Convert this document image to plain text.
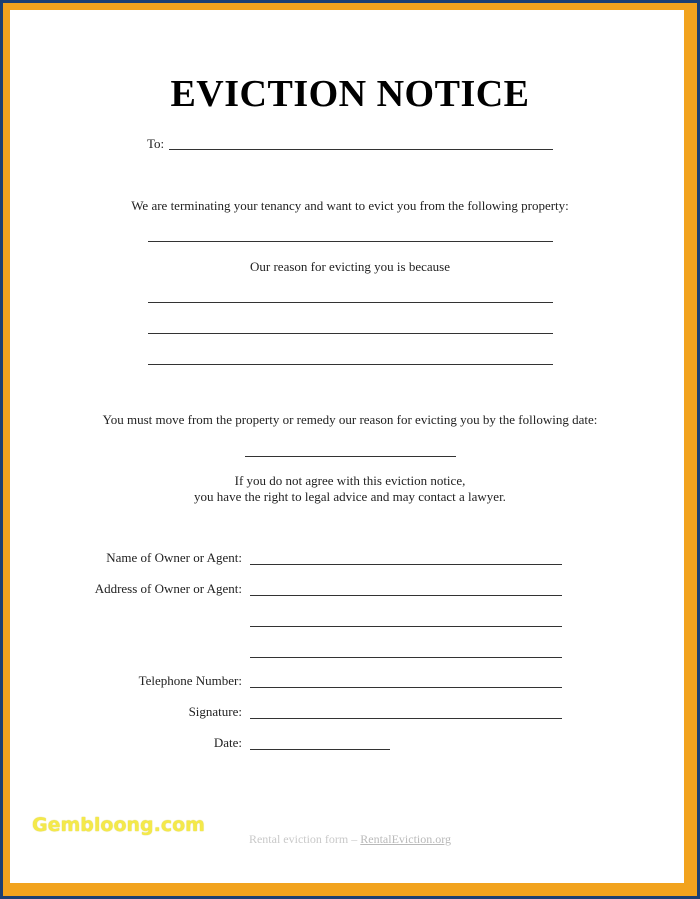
EVICTION NOTICE
To:
We are terminating your tenancy and want to evict you from the following property:
Our reason for evicting you is because
You must move from the property or remedy our reason for evicting you by the following date:
If you do not agree with this eviction notice,
you have the right to legal advice and may contact a lawyer.
Name of Owner or Agent:
Address of Owner or Agent:
Telephone Number:
Signature:
Date:
Rental eviction form – RentalEviction.org
Gembloong.com
